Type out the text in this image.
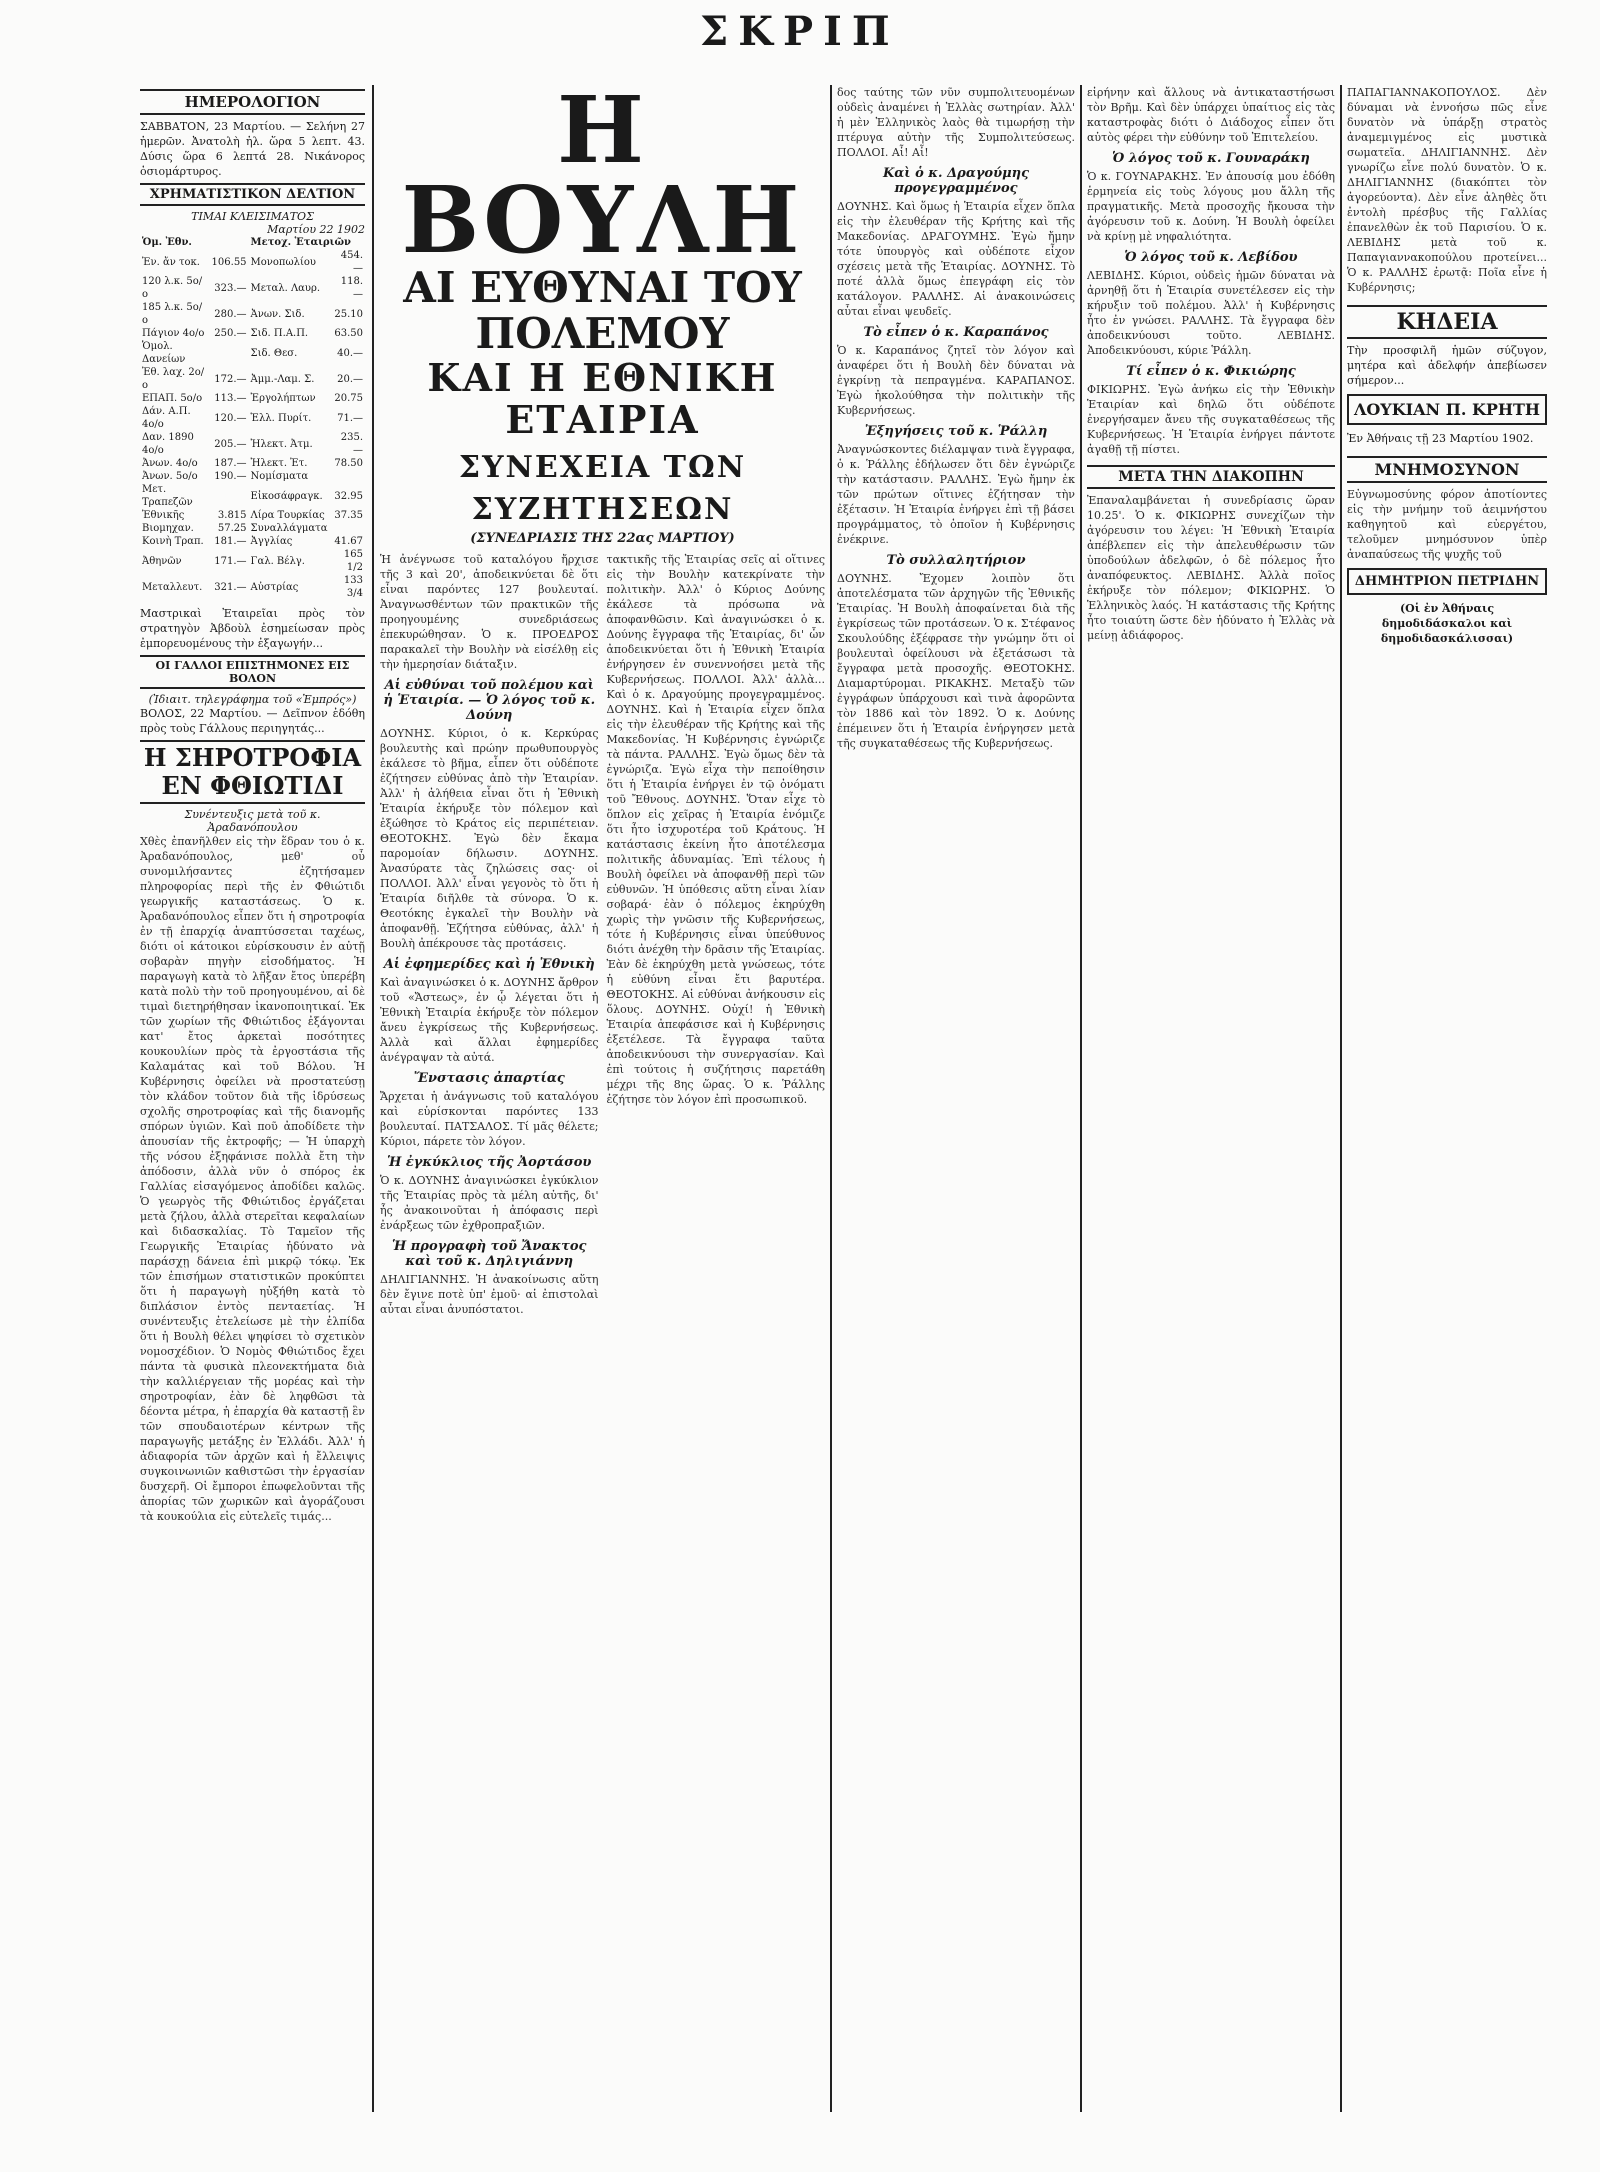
ΣΚΡΙΠ
ΗΜΕΡΟΛΟΓΙΟΝ
ΣΑΒΒΑΤΟΝ, 23 Μαρτίου. — Σελήνη 27 ἡμερῶν. Ἀνατολὴ ἡλ. ὥρα 5 λεπτ. 43. Δύσις ὥρα 6 λεπτά 28. Νικάνορος ὁσιομάρτυρος.
ΧΡΗΜΑΤΙΣΤΙΚΟΝ ΔΕΛΤΙΟΝ
ΤΙΜΑΙ ΚΛΕΙΣΙΜΑΤΟΣ
Μαρτίου 22 1902
Ὁμ. Ἐθν.		Μετοχ. Ἑταιριῶν	
Ἐν. ἄν τοκ.	106.55	Μονοπωλίου	454.—
120 λ.κ. 5ο/ο	323.—	Μεταλ. Λαυρ.	118.—
185 λ.κ. 5ο/ο	280.—	Ἀνων. Σιδ.	25.10
Πάγιον 4ο/ο	250.—	Σιδ. Π.Α.Π.	63.50
Ὁμολ. Δανείων		Σιδ. Θεσ.	40.—
Ἐθ. λαχ. 2ο/ο	172.—	Ἀμμ.-Λαμ. Σ.	20.—
ΕΠΑΠ. 5ο/ο	113.—	Ἐργολήπτων	20.75
Δάν. Α.Π. 4ο/ο	120.—	Ἑλλ. Πυρίτ.	71.—
Δαν. 1890 4ο/ο	205.—	Ἠλεκτ. Ἀτμ.	235.—
Ἀνων. 4ο/ο	187.—	Ἠλεκτ. Ἐτ.	78.50
Ἀνων. 5ο/ο	190.—	Νομίσματα	
Μετ. Τραπεζῶν		Εἰκοσάφραγκ.	32.95
Ἐθνικῆς	3.815	Λίρα Τουρκίας	37.35
Βιομηχαν.	57.25	Συναλλάγματα	
Κοινὴ Τραπ.	181.—	Ἀγγλίας	41.67
Ἀθηνῶν	171.—	Γαλ. Βέλγ.	165 1/2
Μεταλλευτ.	321.—	Αὐστρίας	133 3/4
Μαστρικαὶ Ἐταιρεῖαι πρὸς τὸν στρατηγὸν Ἀβδοὺλ ἐσημείωσαν πρὸς ἐμπορευομένους τὴν ἐξαγωγήν...
ΟΙ ΓΑΛΛΟΙ ΕΠΙΣΤΗΜΟΝΕΣ ΕΙΣ ΒΟΛΟΝ
(Ἰδιαιτ. τηλεγράφημα τοῦ «Ἐμπρός»)
ΒΟΛΟΣ, 22 Μαρτίου. — Δεῖπνον ἐδόθη πρὸς τοὺς Γάλλους περιηγητάς...
Η ΣΗΡΟΤΡΟΦΙΑ ΕΝ ΦΘΙΩΤΙΔΙ
Συνέντευξις μετὰ τοῦ κ. Ἀραδανόπουλου
Χθὲς ἐπανῆλθεν εἰς τὴν ἕδραν του ὁ κ. Ἀραδανόπουλος, μεθ' οὗ συνομιλήσαντες ἐζητήσαμεν πληροφορίας περὶ τῆς ἐν Φθιώτιδι γεωργικῆς καταστάσεως. Ὁ κ. Ἀραδανόπουλος εἶπεν ὅτι ἡ σηροτροφία ἐν τῇ ἐπαρχίᾳ ἀναπτύσσεται ταχέως, διότι οἱ κάτοικοι εὑρίσκουσιν ἐν αὐτῇ σοβαρὰν πηγὴν εἰσοδήματος. Ἡ παραγωγὴ κατὰ τὸ λῆξαν ἔτος ὑπερέβη κατὰ πολὺ τὴν τοῦ προηγουμένου, αἱ δὲ τιμαὶ διετηρήθησαν ἱκανοποιητικαί. Ἐκ τῶν χωρίων τῆς Φθιώτιδος ἐξάγονται κατ' ἔτος ἀρκεταὶ ποσότητες κουκουλίων πρὸς τὰ ἐργοστάσια τῆς Καλαμάτας καὶ τοῦ Βόλου. Ἡ Κυβέρνησις ὀφείλει νὰ προστατεύσῃ τὸν κλάδον τοῦτον διὰ τῆς ἱδρύσεως σχολῆς σηροτροφίας καὶ τῆς διανομῆς σπόρων ὑγιῶν. Καὶ ποῦ ἀποδίδετε τὴν ἀπουσίαν τῆς ἐκτροφῆς; — Ἡ ὑπαρχὴ τῆς νόσου ἐξηφάνισε πολλὰ ἔτη τὴν ἀπόδοσιν, ἀλλὰ νῦν ὁ σπόρος ἐκ Γαλλίας εἰσαγόμενος ἀποδίδει καλῶς. Ὁ γεωργὸς τῆς Φθιώτιδος ἐργάζεται μετὰ ζήλου, ἀλλὰ στερεῖται κεφαλαίων καὶ διδασκαλίας. Τὸ Ταμεῖον τῆς Γεωργικῆς Ἑταιρίας ἠδύνατο νὰ παράσχῃ δάνεια ἐπὶ μικρῷ τόκῳ. Ἐκ τῶν ἐπισήμων στατιστικῶν προκύπτει ὅτι ἡ παραγωγὴ ηὐξήθη κατὰ τὸ διπλάσιον ἐντὸς πενταετίας. Ἡ συνέντευξις ἐτελείωσε μὲ τὴν ἐλπίδα ὅτι ἡ Βουλὴ θέλει ψηφίσει τὸ σχετικὸν νομοσχέδιον. Ὁ Νομὸς Φθιώτιδος ἔχει πάντα τὰ φυσικὰ πλεονεκτήματα διὰ τὴν καλλιέργειαν τῆς μορέας καὶ τὴν σηροτροφίαν, ἐὰν δὲ ληφθῶσι τὰ δέοντα μέτρα, ἡ ἐπαρχία θὰ καταστῇ ἓν τῶν σπουδαιοτέρων κέντρων τῆς παραγωγῆς μετάξης ἐν Ἑλλάδι. Ἀλλ' ἡ ἀδιαφορία τῶν ἀρχῶν καὶ ἡ ἔλλειψις συγκοινωνιῶν καθιστῶσι τὴν ἐργασίαν δυσχερῆ. Οἱ ἔμποροι ἐπωφελοῦνται τῆς ἀπορίας τῶν χωρικῶν καὶ ἀγοράζουσι τὰ κουκούλια εἰς εὐτελεῖς τιμάς...
Η ΒΟΥΛΗ
ΑΙ ΕΥΘΥΝΑΙ ΤΟΥ ΠΟΛΕΜΟΥ
ΚΑΙ Η ΕΘΝΙΚΗ ΕΤΑΙΡΙΑ
ΣΥΝΕΧΕΙΑ ΤΩΝ ΣΥΖΗΤΗΣΕΩΝ
(ΣΥΝΕΔΡΙΑΣΙΣ ΤΗΣ 22ας ΜΑΡΤΙΟΥ)
Ἡ ἀνέγνωσε τοῦ καταλόγου ἤρχισε τῆς 3 καὶ 20', ἀποδεικνύεται δὲ ὅτι εἶναι παρόντες 127 βουλευταί. Ἀναγνωσθέντων τῶν πρακτικῶν τῆς προηγουμένης συνεδριάσεως ἐπεκυρώθησαν. Ὁ κ. ΠΡΟΕΔΡΟΣ παρακαλεῖ τὴν Βουλὴν νὰ εἰσέλθῃ εἰς τὴν ἡμερησίαν διάταξιν.
Αἱ εὐθύναι τοῦ πολέμου καὶ ἡ Ἑταιρία. — Ὁ λόγος τοῦ κ. Δούνη
ΔΟΥΝΗΣ. Κύριοι, ὁ κ. Κερκύρας βουλευτὴς καὶ πρώην πρωθυπουργὸς ἐκάλεσε τὸ βῆμα, εἶπεν ὅτι οὐδέποτε ἐζήτησεν εὐθύνας ἀπὸ τὴν Ἑταιρίαν. Ἀλλ' ἡ ἀλήθεια εἶναι ὅτι ἡ Ἐθνικὴ Ἑταιρία ἐκήρυξε τὸν πόλεμον καὶ ἐξώθησε τὸ Κράτος εἰς περιπέτειαν. ΘΕΟΤΟΚΗΣ. Ἐγὼ δὲν ἔκαμα παρομοίαν δήλωσιν. ΔΟΥΝΗΣ. Ἀνασύρατε τὰς ζηλώσεις σας· οἱ ΠΟΛΛΟΙ. Ἀλλ' εἶναι γεγονὸς τὸ ὅτι ἡ Ἑταιρία διῆλθε τὰ σύνορα. Ὁ κ. Θεοτόκης ἐγκαλεῖ τὴν Βουλὴν νὰ ἀποφανθῇ. Ἐζήτησα εὐθύνας, ἀλλ' ἡ Βουλὴ ἀπέκρουσε τὰς προτάσεις.
Αἱ ἐφημερίδες καὶ ἡ Ἐθνικὴ
Καὶ ἀναγινώσκει ὁ κ. ΔΟΥΝΗΣ ἄρθρον τοῦ «Ἄστεως», ἐν ᾧ λέγεται ὅτι ἡ Ἐθνικὴ Ἑταιρία ἐκήρυξε τὸν πόλεμον ἄνευ ἐγκρίσεως τῆς Κυβερνήσεως. Ἀλλὰ καὶ ἄλλαι ἐφημερίδες ἀνέγραψαν τὰ αὐτά.
Ἔνστασις ἀπαρτίας
Ἄρχεται ἡ ἀνάγνωσις τοῦ καταλόγου καὶ εὑρίσκονται παρόντες 133 βουλευταί. ΠΑΤΣΑΛΟΣ. Τί μᾶς θέλετε; Κύριοι, πάρετε τὸν λόγον.
Ἡ ἐγκύκλιος τῆς Ἀορτάσου
Ὁ κ. ΔΟΥΝΗΣ ἀναγινώσκει ἐγκύκλιον τῆς Ἑταιρίας πρὸς τὰ μέλη αὐτῆς, δι' ἧς ἀνακοινοῦται ἡ ἀπόφασις περὶ ἐνάρξεως τῶν ἐχθροπραξιῶν.
Ἡ προγραφὴ τοῦ Ἄνακτος καὶ τοῦ κ. Δηλιγιάννη
ΔΗΛΙΓΙΑΝΝΗΣ. Ἡ ἀνακοίνωσις αὕτη δὲν ἔγινε ποτὲ ὑπ' ἐμοῦ· αἱ ἐπιστολαὶ αὗται εἶναι ἀνυπόστατοι.
τακτικῆς τῆς Ἑταιρίας σεῖς αἱ οἵτινες εἰς τὴν Βουλὴν κατεκρίνατε τὴν πολιτικὴν. Ἀλλ' ὁ Κύριος Δούνης ἐκάλεσε τὰ πρόσωπα νὰ ἀποφανθῶσιν. Καὶ ἀναγινώσκει ὁ κ. Δούνης ἔγγραφα τῆς Ἑταιρίας, δι' ὧν ἀποδεικνύεται ὅτι ἡ Ἐθνικὴ Ἑταιρία ἐνήργησεν ἐν συνεννοήσει μετὰ τῆς Κυβερνήσεως. ΠΟΛΛΟΙ. Ἀλλ' ἀλλὰ... Καὶ ὁ κ. Δραγούμης προγεγραμμένος. ΔΟΥΝΗΣ. Καὶ ἡ Ἑταιρία εἶχεν ὅπλα εἰς τὴν ἐλευθέραν τῆς Κρήτης καὶ τῆς Μακεδονίας. Ἡ Κυβέρνησις ἐγνώριζε τὰ πάντα. ΡΑΛΛΗΣ. Ἐγὼ ὅμως δὲν τὰ ἐγνώριζα. Ἐγὼ εἶχα τὴν πεποίθησιν ὅτι ἡ Ἑταιρία ἐνήργει ἐν τῷ ὀνόματι τοῦ Ἔθνους. ΔΟΥΝΗΣ. Ὅταν εἶχε τὸ ὅπλον εἰς χεῖρας ἡ Ἑταιρία ἐνόμιζε ὅτι ἦτο ἰσχυροτέρα τοῦ Κράτους. Ἡ κατάστασις ἐκείνη ἦτο ἀποτέλεσμα πολιτικῆς ἀδυναμίας. Ἐπὶ τέλους ἡ Βουλὴ ὀφείλει νὰ ἀποφανθῇ περὶ τῶν εὐθυνῶν. Ἡ ὑπόθεσις αὕτη εἶναι λίαν σοβαρά· ἐὰν ὁ πόλεμος ἐκηρύχθη χωρὶς τὴν γνῶσιν τῆς Κυβερνήσεως, τότε ἡ Κυβέρνησις εἶναι ὑπεύθυνος διότι ἀνέχθη τὴν δρᾶσιν τῆς Ἑταιρίας. Ἐὰν δὲ ἐκηρύχθη μετὰ γνώσεως, τότε ἡ εὐθύνη εἶναι ἔτι βαρυτέρα. ΘΕΟΤΟΚΗΣ. Αἱ εὐθύναι ἀνήκουσιν εἰς ὅλους. ΔΟΥΝΗΣ. Οὐχί! ἡ Ἐθνικὴ Ἑταιρία ἀπεφάσισε καὶ ἡ Κυβέρνησις ἐξετέλεσε. Τὰ ἔγγραφα ταῦτα ἀποδεικνύουσι τὴν συνεργασίαν. Καὶ ἐπὶ τούτοις ἡ συζήτησις παρετάθη μέχρι τῆς 8ης ὥρας. Ὁ κ. Ῥάλλης ἐζήτησε τὸν λόγον ἐπὶ προσωπικοῦ.
δος ταύτης τῶν νῦν συμπολιτευομένων οὐδεὶς ἀναμένει ἡ Ἑλλὰς σωτηρίαν. Ἀλλ' ἡ μὲν Ἑλληνικὸς λαὸς θὰ τιμωρήσῃ τὴν πτέρυγα αὐτὴν τῆς Συμπολιτεύσεως. ΠΟΛΛΟΙ. Αἶ! Αἶ!
Καὶ ὁ κ. Δραγούμης προγεγραμμένος
ΔΟΥΝΗΣ. Καὶ ὅμως ἡ Ἑταιρία εἶχεν ὅπλα εἰς τὴν ἐλευθέραν τῆς Κρήτης καὶ τῆς Μακεδονίας. ΔΡΑΓΟΥΜΗΣ. Ἐγὼ ἤμην τότε ὑπουργὸς καὶ οὐδέποτε εἶχον σχέσεις μετὰ τῆς Ἑταιρίας. ΔΟΥΝΗΣ. Τὸ ποτέ ἀλλὰ ὅμως ἐπεγράφη εἰς τὸν κατάλογον. ΡΑΛΛΗΣ. Αἱ ἀνακοινώσεις αὗται εἶναι ψευδεῖς.
Τὸ εἶπεν ὁ κ. Καραπάνος
Ὁ κ. Καραπάνος ζητεῖ τὸν λόγον καὶ ἀναφέρει ὅτι ἡ Βουλὴ δὲν δύναται νὰ ἐγκρίνῃ τὰ πεπραγμένα. ΚΑΡΑΠΑΝΟΣ. Ἐγὼ ἠκολούθησα τὴν πολιτικὴν τῆς Κυβερνήσεως.
Ἐξηγήσεις τοῦ κ. Ῥάλλη
Ἀναγνώσκοντες διέλαμψαν τινὰ ἔγγραφα, ὁ κ. Ῥάλλης ἐδήλωσεν ὅτι δὲν ἐγνώριζε τὴν κατάστασιν. ΡΑΛΛΗΣ. Ἐγὼ ἤμην ἐκ τῶν πρώτων οἵτινες ἐζήτησαν τὴν ἐξέτασιν. Ἡ Ἑταιρία ἐνήργει ἐπὶ τῇ βάσει προγράμματος, τὸ ὁποῖον ἡ Κυβέρνησις ἐνέκρινε.
Τὸ συλλαλητήριον
ΔΟΥΝΗΣ. Ἔχομεν λοιπὸν ὅτι ἀποτελέσματα τῶν ἀρχηγῶν τῆς Ἐθνικῆς Ἑταιρίας. Ἡ Βουλὴ ἀποφαίνεται διὰ τῆς ἐγκρίσεως τῶν προτάσεων. Ὁ κ. Στέφανος Σκουλούδης ἐξέφρασε τὴν γνώμην ὅτι οἱ βουλευταὶ ὀφείλουσι νὰ ἐξετάσωσι τὰ ἔγγραφα μετὰ προσοχῆς. ΘΕΟΤΟΚΗΣ. Διαμαρτύρομαι. ΡΙΚΑΚΗΣ. Μεταξὺ τῶν ἐγγράφων ὑπάρχουσι καὶ τινὰ ἀφορῶντα τὸν 1886 καὶ τὸν 1892. Ὁ κ. Δούνης ἐπέμεινεν ὅτι ἡ Ἑταιρία ἐνήργησεν μετὰ τῆς συγκαταθέσεως τῆς Κυβερνήσεως.
εἰρήνην καὶ ἄλλους νὰ ἀντικαταστήσωσι τὸν Βρῆμ. Καὶ δὲν ὑπάρχει ὑπαίτιος εἰς τὰς καταστροφὰς διότι ὁ Διάδοχος εἶπεν ὅτι αὐτὸς φέρει τὴν εὐθύνην τοῦ Ἐπιτελείου.
Ὁ λόγος τοῦ κ. Γουναράκη
Ὁ κ. ΓΟΥΝΑΡΑΚΗΣ. Ἐν ἀπουσίᾳ μου ἐδόθη ἑρμηνεία εἰς τοὺς λόγους μου ἄλλη τῆς πραγματικῆς. Μετὰ προσοχῆς ἤκουσα τὴν ἀγόρευσιν τοῦ κ. Δούνη. Ἡ Βουλὴ ὀφείλει νὰ κρίνῃ μὲ νηφαλιότητα.
Ὁ λόγος τοῦ κ. Λεβίδου
ΛΕΒΙΔΗΣ. Κύριοι, οὐδεὶς ἡμῶν δύναται νὰ ἀρνηθῇ ὅτι ἡ Ἑταιρία συνετέλεσεν εἰς τὴν κήρυξιν τοῦ πολέμου. Ἀλλ' ἡ Κυβέρνησις ἦτο ἐν γνώσει. ΡΑΛΛΗΣ. Τὰ ἔγγραφα δὲν ἀποδεικνύουσι τοῦτο. ΛΕΒΙΔΗΣ. Ἀποδεικνύουσι, κύριε Ῥάλλη.
Τί εἶπεν ὁ κ. Φικιώρης
ΦΙΚΙΩΡΗΣ. Ἐγὼ ἀνήκω εἰς τὴν Ἐθνικὴν Ἑταιρίαν καὶ δηλῶ ὅτι οὐδέποτε ἐνεργήσαμεν ἄνευ τῆς συγκαταθέσεως τῆς Κυβερνήσεως. Ἡ Ἑταιρία ἐνήργει πάντοτε ἀγαθῇ τῇ πίστει.
ΜΕΤΑ ΤΗΝ ΔΙΑΚΟΠΗΝ
Ἐπαναλαμβάνεται ἡ συνεδρίασις ὥραν 10.25'. Ὁ κ. ΦΙΚΙΩΡΗΣ συνεχίζων τὴν ἀγόρευσιν του λέγει: Ἡ Ἐθνικὴ Ἑταιρία ἀπέβλεπεν εἰς τὴν ἀπελευθέρωσιν τῶν ὑποδούλων ἀδελφῶν, ὁ δὲ πόλεμος ἦτο ἀναπόφευκτος. ΛΕΒΙΔΗΣ. Ἀλλὰ ποῖος ἐκήρυξε τὸν πόλεμον; ΦΙΚΙΩΡΗΣ. Ὁ Ἑλληνικὸς λαός. Ἡ κατάστασις τῆς Κρήτης ἦτο τοιαύτη ὥστε δὲν ἠδύνατο ἡ Ἑλλὰς νὰ μείνῃ ἀδιάφορος.
ΠΑΠΑΓΙΑΝΝΑΚΟΠΟΥΛΟΣ. Δὲν δύναμαι νὰ ἐννοήσω πῶς εἶνε δυνατὸν νὰ ὑπάρξῃ στρατὸς ἀναμεμιγμένος εἰς μυστικὰ σωματεῖα. ΔΗΛΙΓΙΑΝΝΗΣ. Δὲν γνωρίζω εἶνε πολύ δυνατὸν. Ὁ κ. ΔΗΛΙΓΙΑΝΝΗΣ (διακόπτει τὸν ἀγορεύοντα). Δὲν εἶνε ἀληθὲς ὅτι ἐντολὴ πρέσβυς τῆς Γαλλίας ἐπανελθὼν ἐκ τοῦ Παρισίου. Ὁ κ. ΛΕΒΙΔΗΣ μετὰ τοῦ κ. Παπαγιαννακοπούλου προτείνει... Ὁ κ. ΡΑΛΛΗΣ ἐρωτᾷ: Ποῖα εἶνε ἡ Κυβέρνησις;
ΚΗΔΕΙΑ
Τὴν προσφιλῆ ἡμῶν σύζυγον, μητέρα καὶ ἀδελφήν ἀπεβίωσεν σήμερον...
ΛΟΥΚΙΑΝ Π. ΚΡΗΤΗ
Ἐν Ἀθήναις τῇ 23 Μαρτίου 1902.
ΜΝΗΜΟΣΥΝΟΝ
Εὐγνωμοσύνης φόρον ἀποτίοντες εἰς τὴν μνήμην τοῦ ἀειμνήστου καθηγητοῦ καὶ εὐεργέτου, τελοῦμεν μνημόσυνον ὑπὲρ ἀναπαύσεως τῆς ψυχῆς τοῦ
ΔΗΜΗΤΡΙΟΝ ΠΕΤΡΙΔΗΝ
(Οἱ ἐν Ἀθήναις δημοδιδάσκαλοι καὶ δημοδιδασκάλισσαι)
